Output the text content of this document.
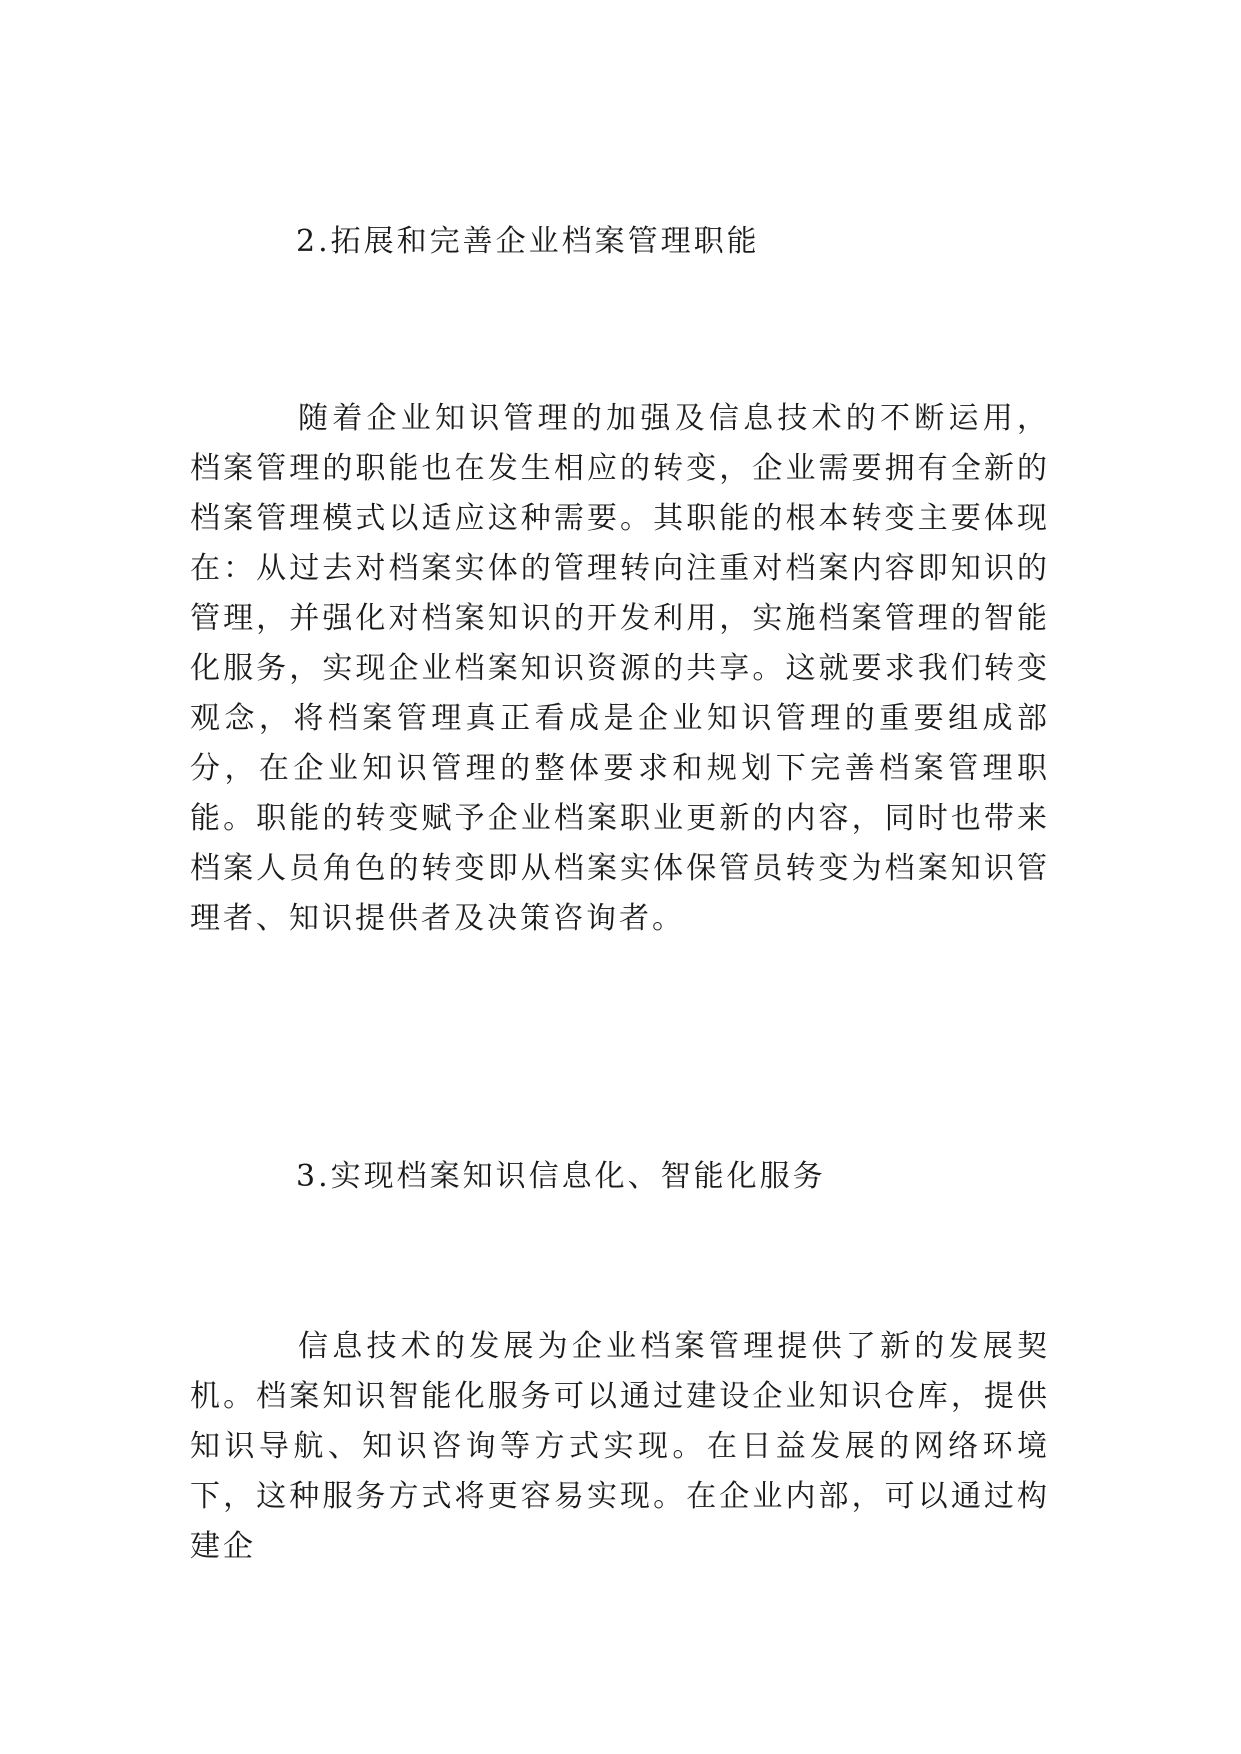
2.拓展和完善企业档案管理职能

随着企业知识管理的加强及信息技术的不断运用，档案管理的职能也在发生相应的转变，企业需要拥有全新的档案管理模式以适应这种需要。其职能的根本转变主要体现在：从过去对档案实体的管理转向注重对档案内容即知识的管理，并强化对档案知识的开发利用，实施档案管理的智能化服务，实现企业档案知识资源的共享。这就要求我们转变观念，将档案管理真正看成是企业知识管理的重要组成部分，在企业知识管理的整体要求和规划下完善档案管理职能。职能的转变赋予企业档案职业更新的内容，同时也带来档案人员角色的转变即从档案实体保管员转变为档案知识管理者、知识提供者及决策咨询者。

3.实现档案知识信息化、智能化服务

信息技术的发展为企业档案管理提供了新的发展契机。档案知识智能化服务可以通过建设企业知识仓库，提供知识导航、知识咨询等方式实现。在日益发展的网络环境下，这种服务方式将更容易实现。在企业内部，可以通过构建企
